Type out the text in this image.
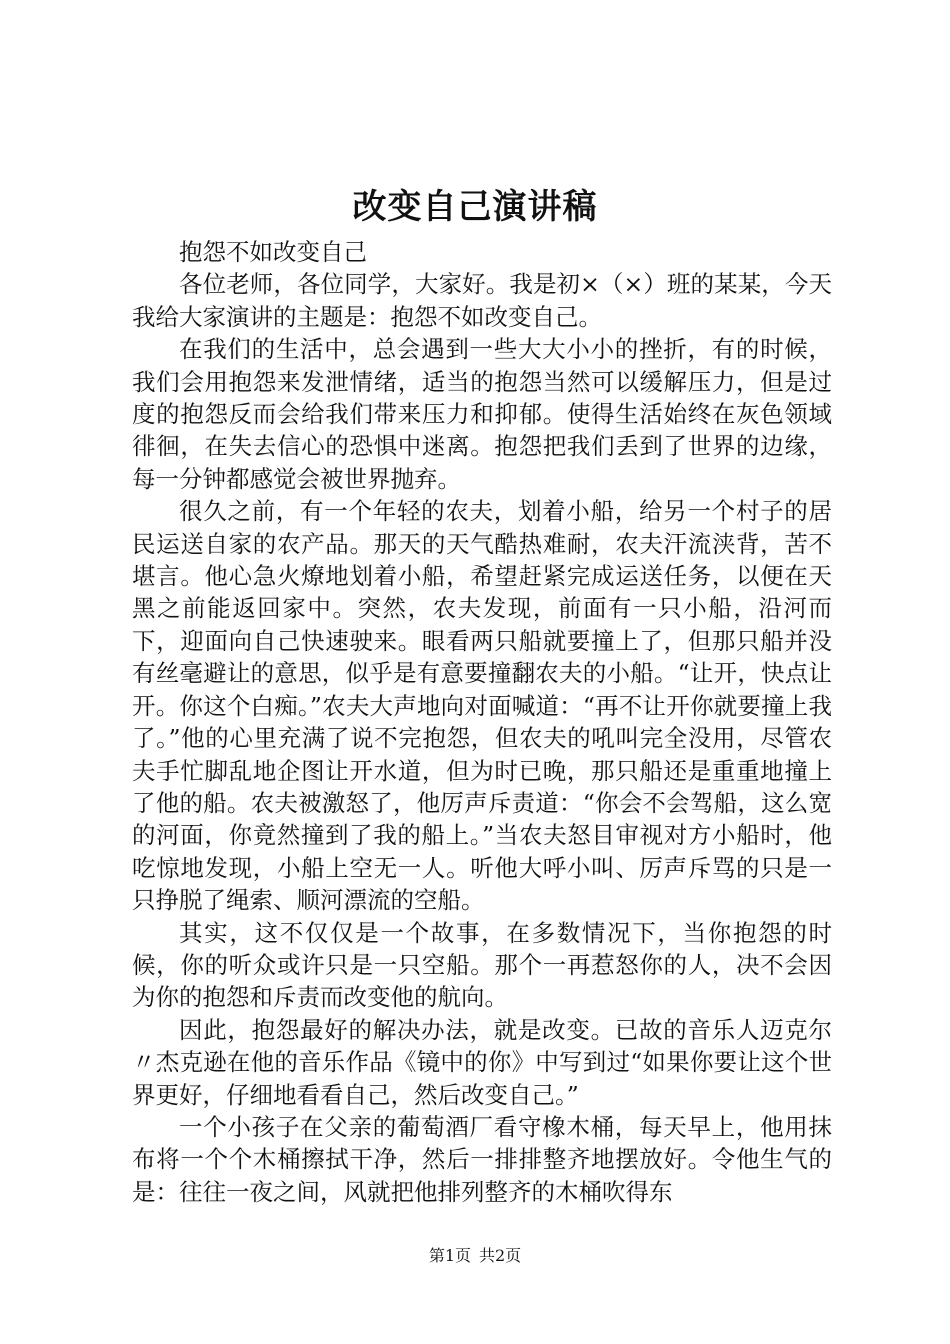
改变自己演讲稿

抱怨不如改变自己

各位老师，各位同学，大家好。我是初×（×）班的某某，今天我给大家演讲的主题是：抱怨不如改变自己。

在我们的生活中，总会遇到一些大大小小的挫折，有的时候，我们会用抱怨来发泄情绪，适当的抱怨当然可以缓解压力，但是过度的抱怨反而会给我们带来压力和抑郁。使得生活始终在灰色领域徘徊，在失去信心的恐惧中迷离。抱怨把我们丢到了世界的边缘，每一分钟都感觉会被世界抛弃。

很久之前，有一个年轻的农夫，划着小船，给另一个村子的居民运送自家的农产品。那天的天气酷热难耐，农夫汗流浃背，苦不堪言。他心急火燎地划着小船，希望赶紧完成运送任务，以便在天黑之前能返回家中。突然，农夫发现，前面有一只小船，沿河而下，迎面向自己快速驶来。眼看两只船就要撞上了，但那只船并没有丝毫避让的意思，似乎是有意要撞翻农夫的小船。“让开，快点让开。你这个白痴。”农夫大声地向对面喊道：“再不让开你就要撞上我了。”他的心里充满了说不完抱怨，但农夫的吼叫完全没用，尽管农夫手忙脚乱地企图让开水道，但为时已晚，那只船还是重重地撞上了他的船。农夫被激怒了，他厉声斥责道：“你会不会驾船，这么宽的河面，你竟然撞到了我的船上。”当农夫怒目审视对方小船时，他吃惊地发现，小船上空无一人。听他大呼小叫、厉声斥骂的只是一只挣脱了绳索、顺河漂流的空船。

其实，这不仅仅是一个故事，在多数情况下，当你抱怨的时候，你的听众或许只是一只空船。那个一再惹怒你的人，决不会因为你的抱怨和斥责而改变他的航向。

因此，抱怨最好的解决办法，就是改变。已故的音乐人迈克尔〃杰克逊在他的音乐作品《镜中的你》中写到过“如果你要让这个世界更好，仔细地看看自己，然后改变自己。”

一个小孩子在父亲的葡萄酒厂看守橡木桶，每天早上，他用抹布将一个个木桶擦拭干净，然后一排排整齐地摆放好。令他生气的是：往往一夜之间，风就把他排列整齐的木桶吹得东

第1页 共2页
